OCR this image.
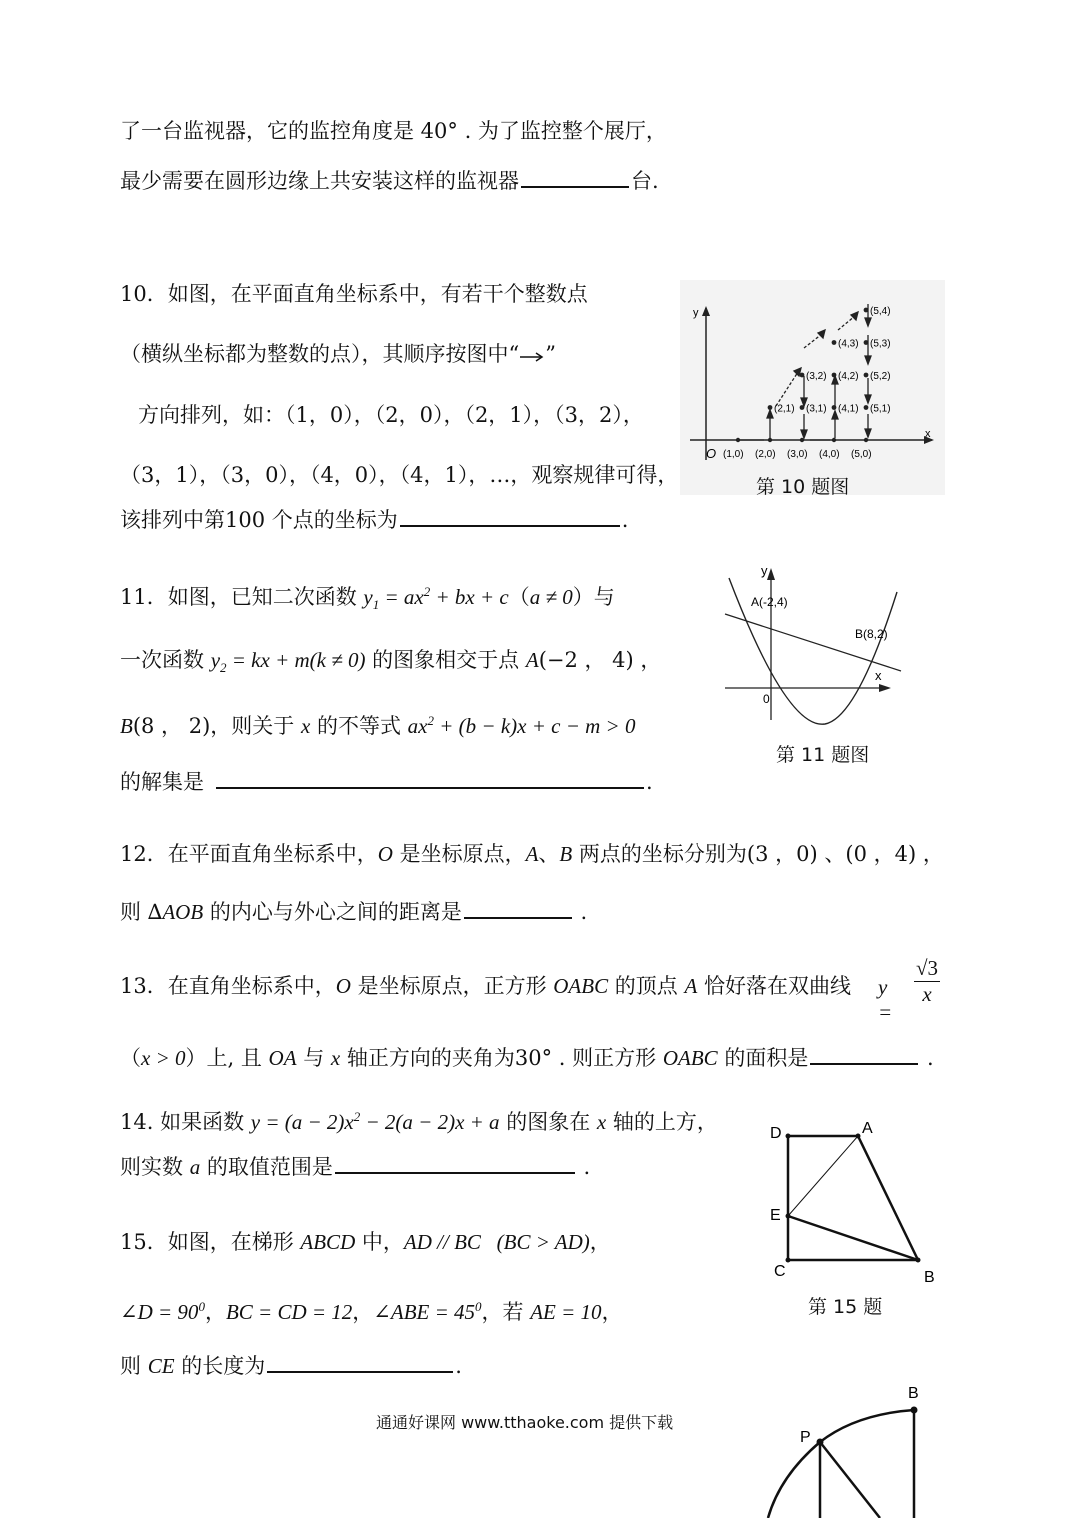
了一台监视器，它的监控角度是 40° . 为了监控整个展厅，
最少需要在圆形边缘上共安装这样的监视器	台.
10．如图，在平面直角坐标系中，有若干个整数点
（横纵坐标都为整数的点），其顺序按图中“ ”
方向排列，如：（1，0），（2，0），（2，1），（3，2），
（3，1），（3，0），（4，0），（4，1），…，观察规律可得，
该排列中第100 个点的坐标为	.
y
x
O (1,0) (2,0) (3,0) (4,0) (5,0)
(2,1)
(3,2)
(3,1)
(4,3)
(4,2)
(4,1)
(5,4)
(5,3)
(5,2)
(5,1)
第 10 题图
11．如图，已知二次函数 $y_1 = ax^2$ + bx + c（a ≠ 0）与
一次函数 $y_2$ = kx + m(k ≠ 0) 的图象相交于点 A(−2 ， 4) ，
B(8 ， 2)，则关于 x 的不等式 $ax^2 + (b - k)x + c - m > 0$
的解集是	.
y
x
0
A(-2,4)
B(8,2)
第 11 题图
12．在平面直角坐标系中，O 是坐标原点，A、B 两点的坐标分别为(3 ，0) 、(0 ，4) ，
则 ∆AOB 的内心与外心之间的距离是	.
13．在直角坐标系中，O 是坐标原点，正方形 OABC 的顶点 A 恰好落在双曲线 y =
$\frac{√3}{x}$
（x > 0）上, 且 OA 与 x 轴正方向的夹角为30° . 则正方形 OABC 的面积是	.
14. 如果函数 $y = (a - 2)x^2 - 2(a - 2)x + a$ 的图象在 x 轴的上方，
则实数 a 的取值范围是	.
15．如图，在梯形 ABCD 中，AD // BC   (BC > AD)，
∠D = $90^0$，BC = CD = 12，∠ABE = $45^0$，若 AE = 10，
则 CE 的长度为	.
D	A
E
C	B
第 15 题
通通好课网 www.tthaoke.com 提供下载
B
P
